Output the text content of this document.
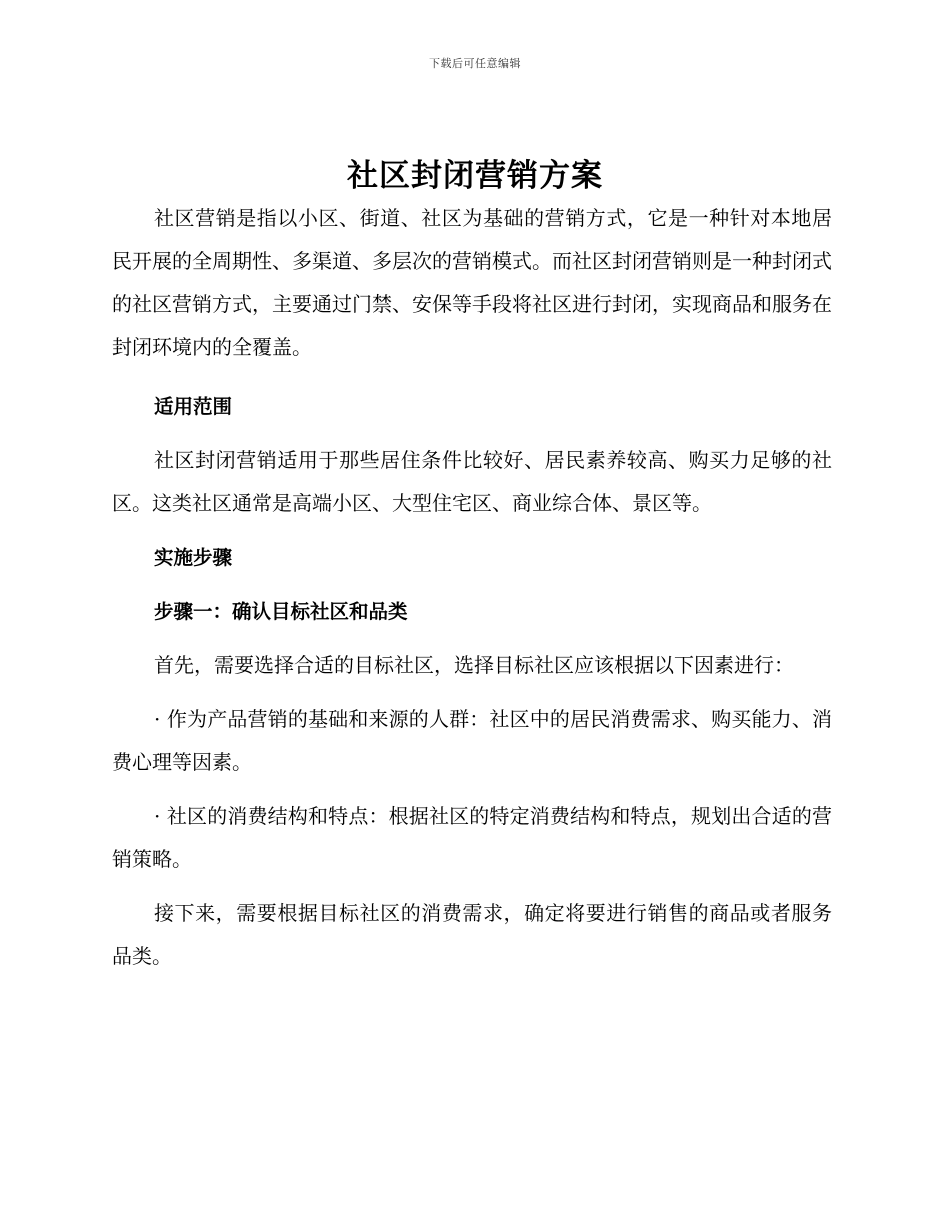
下载后可任意编辑
社区封闭营销方案

社区营销是指以小区、街道、社区为基础的营销方式，它是一种针对本地居民开展的全周期性、多渠道、多层次的营销模式。而社区封闭营销则是一种封闭式的社区营销方式，主要通过门禁、安保等手段将社区进行封闭，实现商品和服务在封闭环境内的全覆盖。

适用范围

社区封闭营销适用于那些居住条件比较好、居民素养较高、购买力足够的社区。这类社区通常是高端小区、大型住宅区、商业综合体、景区等。

实施步骤
步骤一：确认目标社区和品类

首先，需要选择合适的目标社区，选择目标社区应该根据以下因素进行：

· 作为产品营销的基础和来源的人群：社区中的居民消费需求、购买能力、消费心理等因素。

· 社区的消费结构和特点：根据社区的特定消费结构和特点，规划出合适的营销策略。

接下来，需要根据目标社区的消费需求，确定将要进行销售的商品或者服务品类。
